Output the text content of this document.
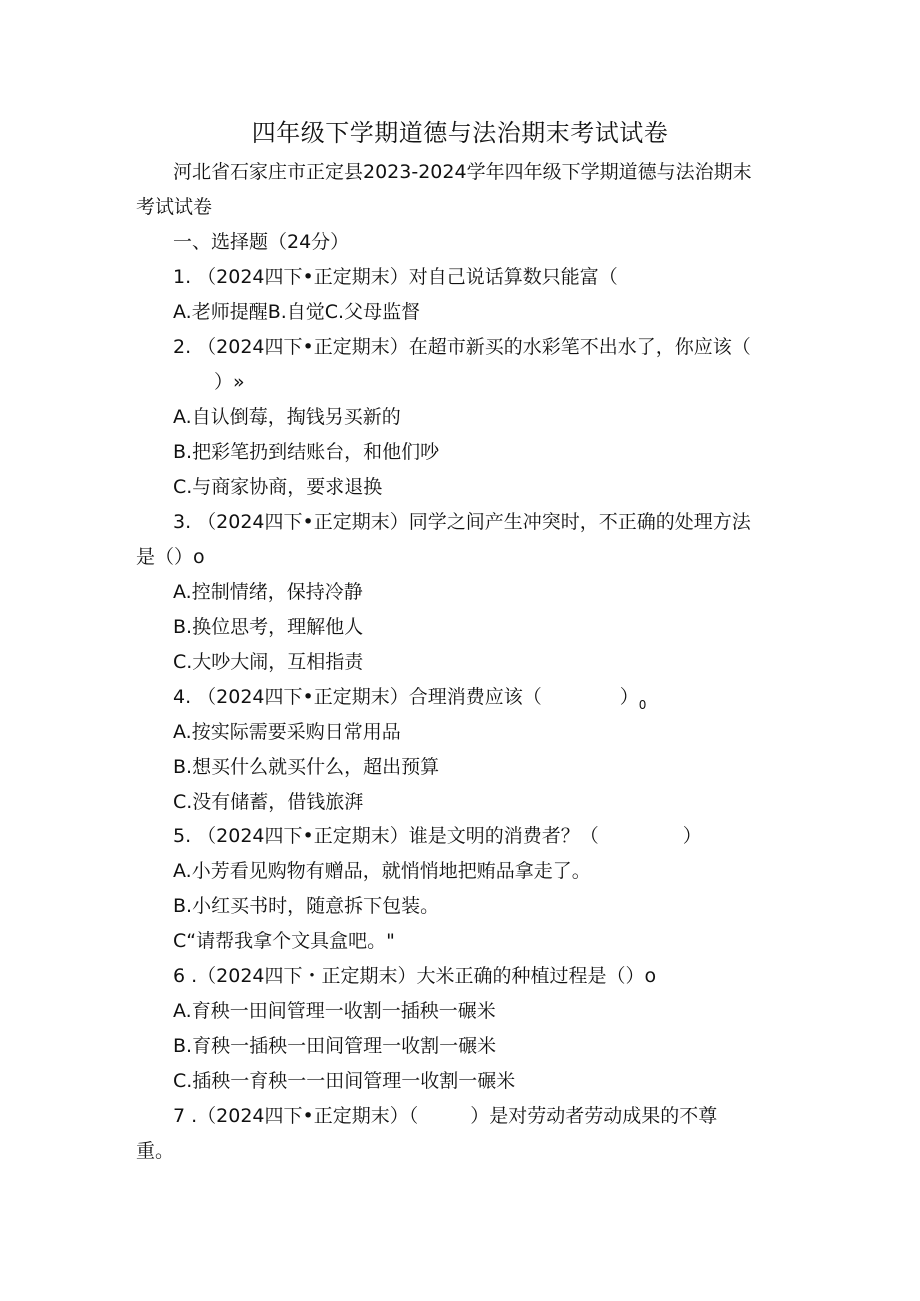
四年级下学期道德与法治期末考试试卷
河北省石家庄市正定县2023-2024学年四年级下学期道德与法治期末
考试试卷
一、选择题（24分）
1. （2024四下•正定期末）对自己说话算数只能富（
A.老师提醒B.自觉C.父母监督
2. （2024四下•正定期末）在超市新买的水彩笔不出水了，你应该（
）»
A.自认倒莓，掏钱另买新的
B.把彩笔扔到结账台，和他们吵
C.与商家协商，要求退换
3. （2024四下•正定期末）同学之间产生冲突时，不正确的处理方法
是（）o
A.控制情绪，保持冷静
B.换位思考，理解他人
C.大吵大闹，互相指责
4. （2024四下•正定期末）合理消费应该（	）$_0$
A.按实际需要采购日常用品
B.想买什么就买什么，超出预算
C.没有储蓄，借钱旅湃
5. （2024四下•正定期末）谁是文明的消费者？（	）
A.小芳看见购物有赠品，就悄悄地把贿品拿走了。
B.小红买书时，随意拆下包装。
C“请帮我拿个文具盒吧。"
6 .（2024四下・正定期末）大米正确的种植过程是（）o
A.育秧一田间管理一收割一插秧一碾米
B.育秧一插秧一田间管理一收割一碾米
C.插秧一育秧一一田间管理一收割一碾米
7 .（2024四下•正定期末）（	）是对劳动者劳动成果的不尊
重。
